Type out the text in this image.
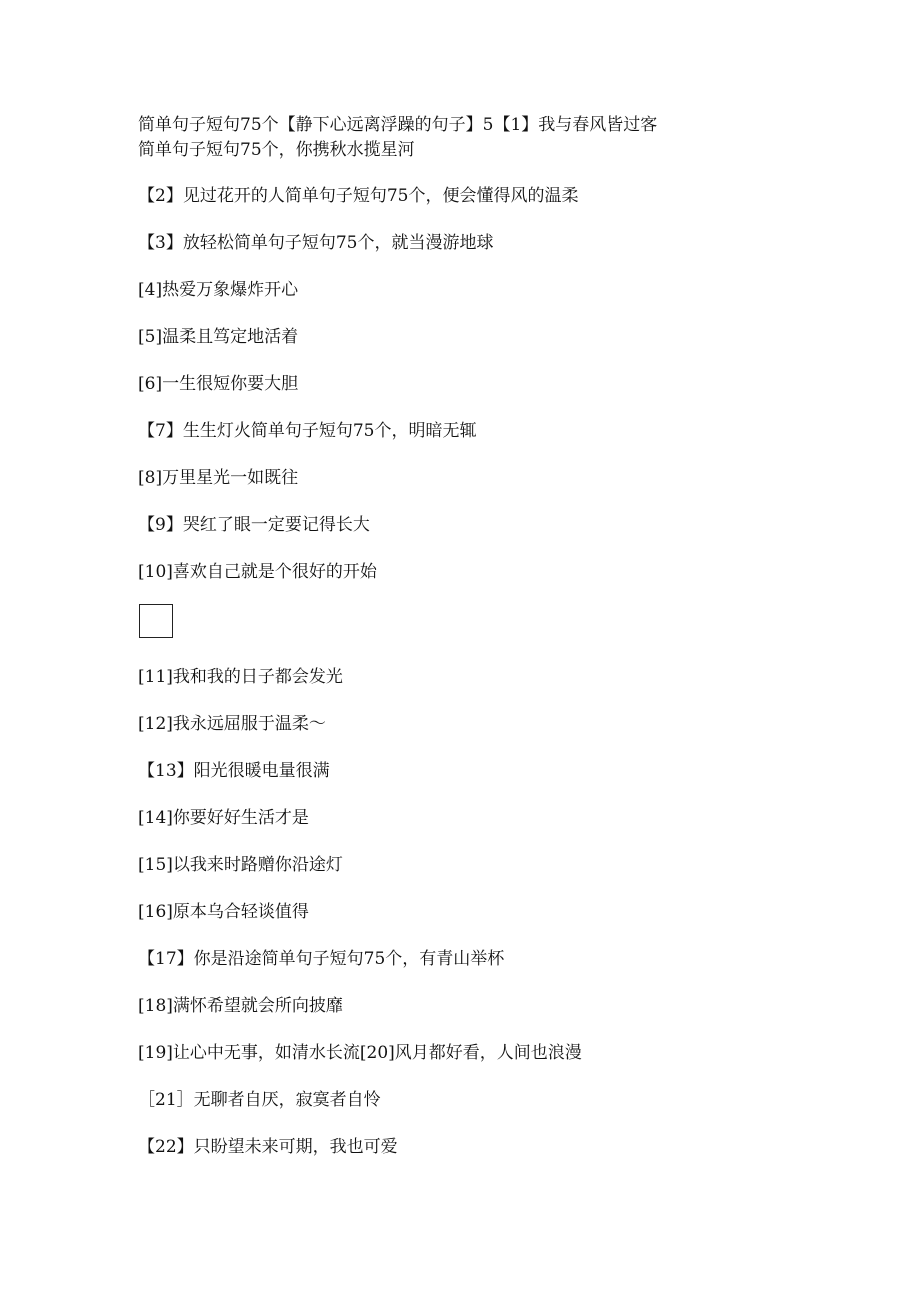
简单句子短句75个【静下心远离浮躁的句子】5【1】我与春风皆过客简单句子短句75个，你携秋水揽星河

【2】见过花开的人简单句子短句75个，便会懂得风的温柔

【3】放轻松简单句子短句75个，就当漫游地球

[4]热爱万象爆炸开心

[5]温柔且笃定地活着

[6]一生很短你要大胆

【7】生生灯火简单句子短句75个，明暗无辄

[8]万里星光一如既往

【9】哭红了眼一定要记得长大

[10]喜欢自己就是个很好的开始

[11]我和我的日子都会发光

[12]我永远屈服于温柔～

【13】阳光很暖电量很满

[14]你要好好生活才是

[15]以我来时路赠你沿途灯

[16]原本乌合轻谈值得

【17】你是沿途简单句子短句75个，有青山举杯

[18]满怀希望就会所向披靡

[19]让心中无事，如清水长流[20]风月都好看，人间也浪漫

［21］无聊者自厌，寂寞者自怜

【22】只盼望未来可期，我也可爱
